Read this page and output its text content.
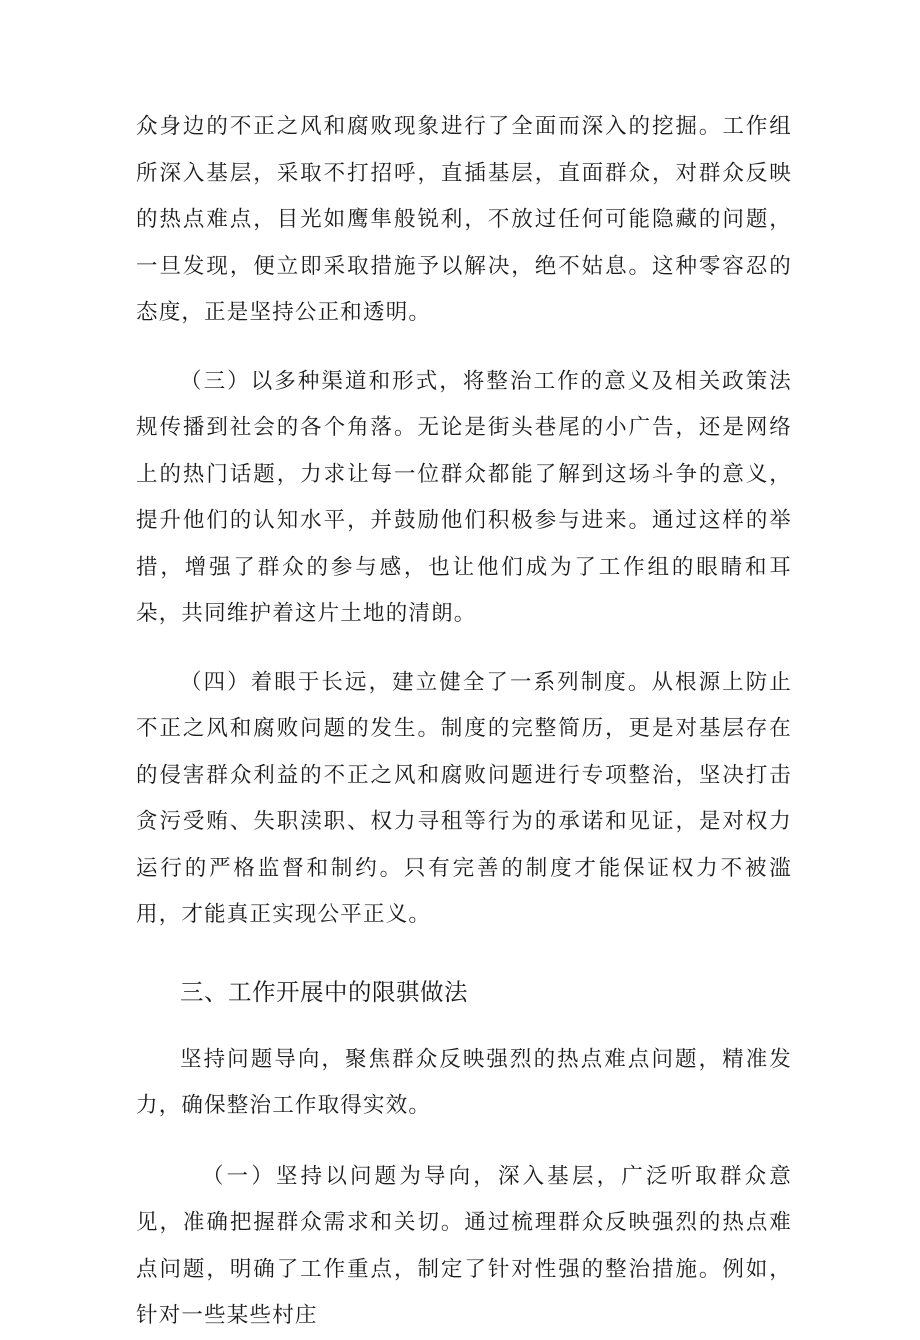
众身边的不正之风和腐败现象进行了全面而深入的挖掘。工作组所深入基层，采取不打招呼，直插基层，直面群众，对群众反映的热点难点，目光如鹰隼般锐利，不放过任何可能隐藏的问题，一旦发现，便立即采取措施予以解决，绝不姑息。这种零容忍的态度，正是坚持公正和透明。

（三）以多种渠道和形式，将整治工作的意义及相关政策法规传播到社会的各个角落。无论是街头巷尾的小广告，还是网络上的热门话题，力求让每一位群众都能了解到这场斗争的意义，提升他们的认知水平，并鼓励他们积极参与进来。通过这样的举措，增强了群众的参与感，也让他们成为了工作组的眼睛和耳朵，共同维护着这片土地的清朗。

（四）着眼于长远，建立健全了一系列制度。从根源上防止不正之风和腐败问题的发生。制度的完整简历，更是对基层存在的侵害群众利益的不正之风和腐败问题进行专项整治，坚决打击贪污受贿、失职渎职、权力寻租等行为的承诺和见证，是对权力运行的严格监督和制约。只有完善的制度才能保证权力不被滥用，才能真正实现公平正义。

三、工作开展中的限骐做法

坚持问题导向，聚焦群众反映强烈的热点难点问题，精准发力，确保整治工作取得实效。

（一）坚持以问题为导向，深入基层，广泛听取群众意见，准确把握群众需求和关切。通过梳理群众反映强烈的热点难点问题，明确了工作重点，制定了针对性强的整治措施。例如，针对一些某些村庄
